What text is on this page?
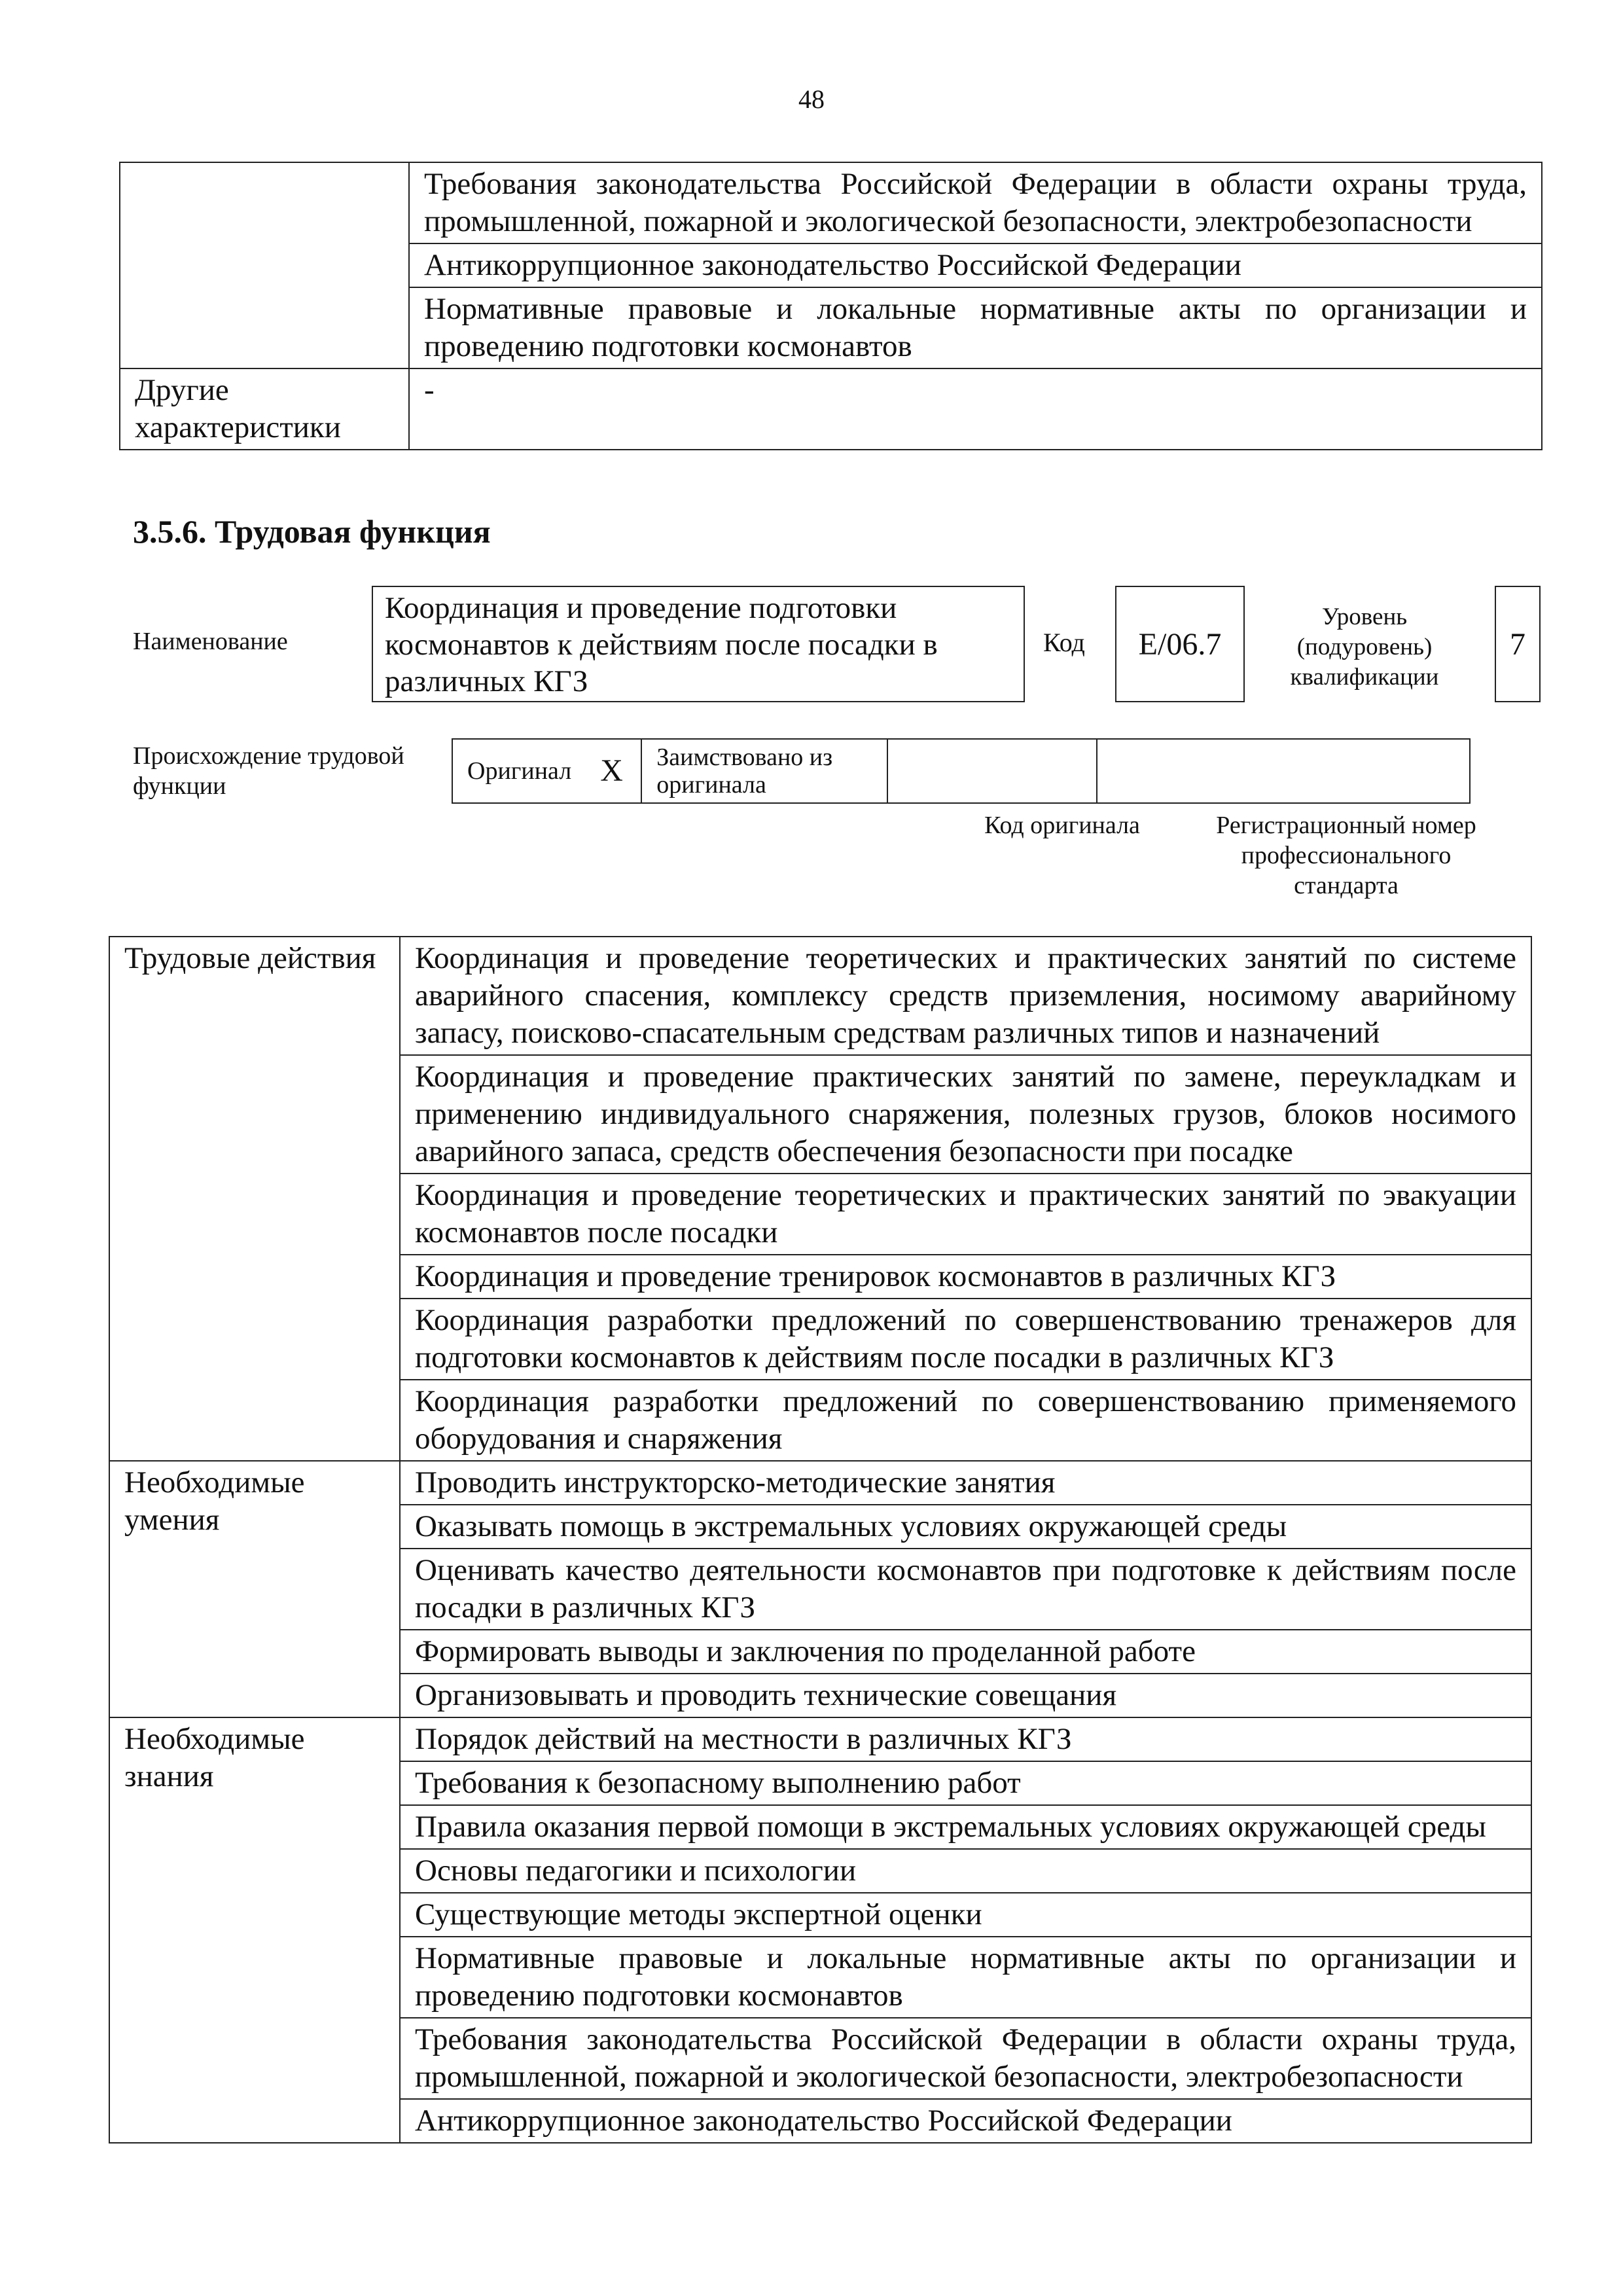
48
	Требования законодательства Российской Федерации в области охраны труда, промышленной, пожарной и экологической безопасности, электробезопасности
	Антикоррупционное законодательство Российской Федерации
	Нормативные правовые и локальные нормативные акты по организации и проведению подготовки космонавтов
Другие характеристики	-
3.5.6. Трудовая функция
Наименование
Координация и проведение подготовки космонавтов к действиям после посадки в различных КГЗ
Код	E/06.7
Уровень (подуровень) квалификации
7
Происхождение трудовой функции
Оригинал	X	Заимствовано из оригинала		
Код оригинала	Регистрационный номер профессионального стандарта
Трудовые действия	Координация и проведение теоретических и практических занятий по системе аварийного спасения, комплексу средств приземления, носимому аварийному запасу, поисково-спасательным средствам различных типов и назначений
	Координация и проведение практических занятий по замене, переукладкам и применению индивидуального снаряжения, полезных грузов, блоков носимого аварийного запаса, средств обеспечения безопасности при посадке
	Координация и проведение теоретических и практических занятий по эвакуации космонавтов после посадки
	Координация и проведение тренировок космонавтов в различных КГЗ
	Координация разработки предложений по совершенствованию тренажеров для подготовки космонавтов к действиям после посадки в различных КГЗ
	Координация разработки предложений по совершенствованию применяемого оборудования и снаряжения
Необходимые умения	Проводить инструкторско-методические занятия
	Оказывать помощь в экстремальных условиях окружающей среды
	Оценивать качество деятельности космонавтов при подготовке к действиям после посадки в различных КГЗ
	Формировать выводы и заключения по проделанной работе
	Организовывать и проводить технические совещания
Необходимые знания	Порядок действий на местности в различных КГЗ
	Требования к безопасному выполнению работ
	Правила оказания первой помощи в экстремальных условиях окружающей среды
	Основы педагогики и психологии
	Существующие методы экспертной оценки
	Нормативные правовые и локальные нормативные акты по организации и проведению подготовки космонавтов
	Требования законодательства Российской Федерации в области охраны труда, промышленной, пожарной и экологической безопасности, электробезопасности
	Антикоррупционное законодательство Российской Федерации
